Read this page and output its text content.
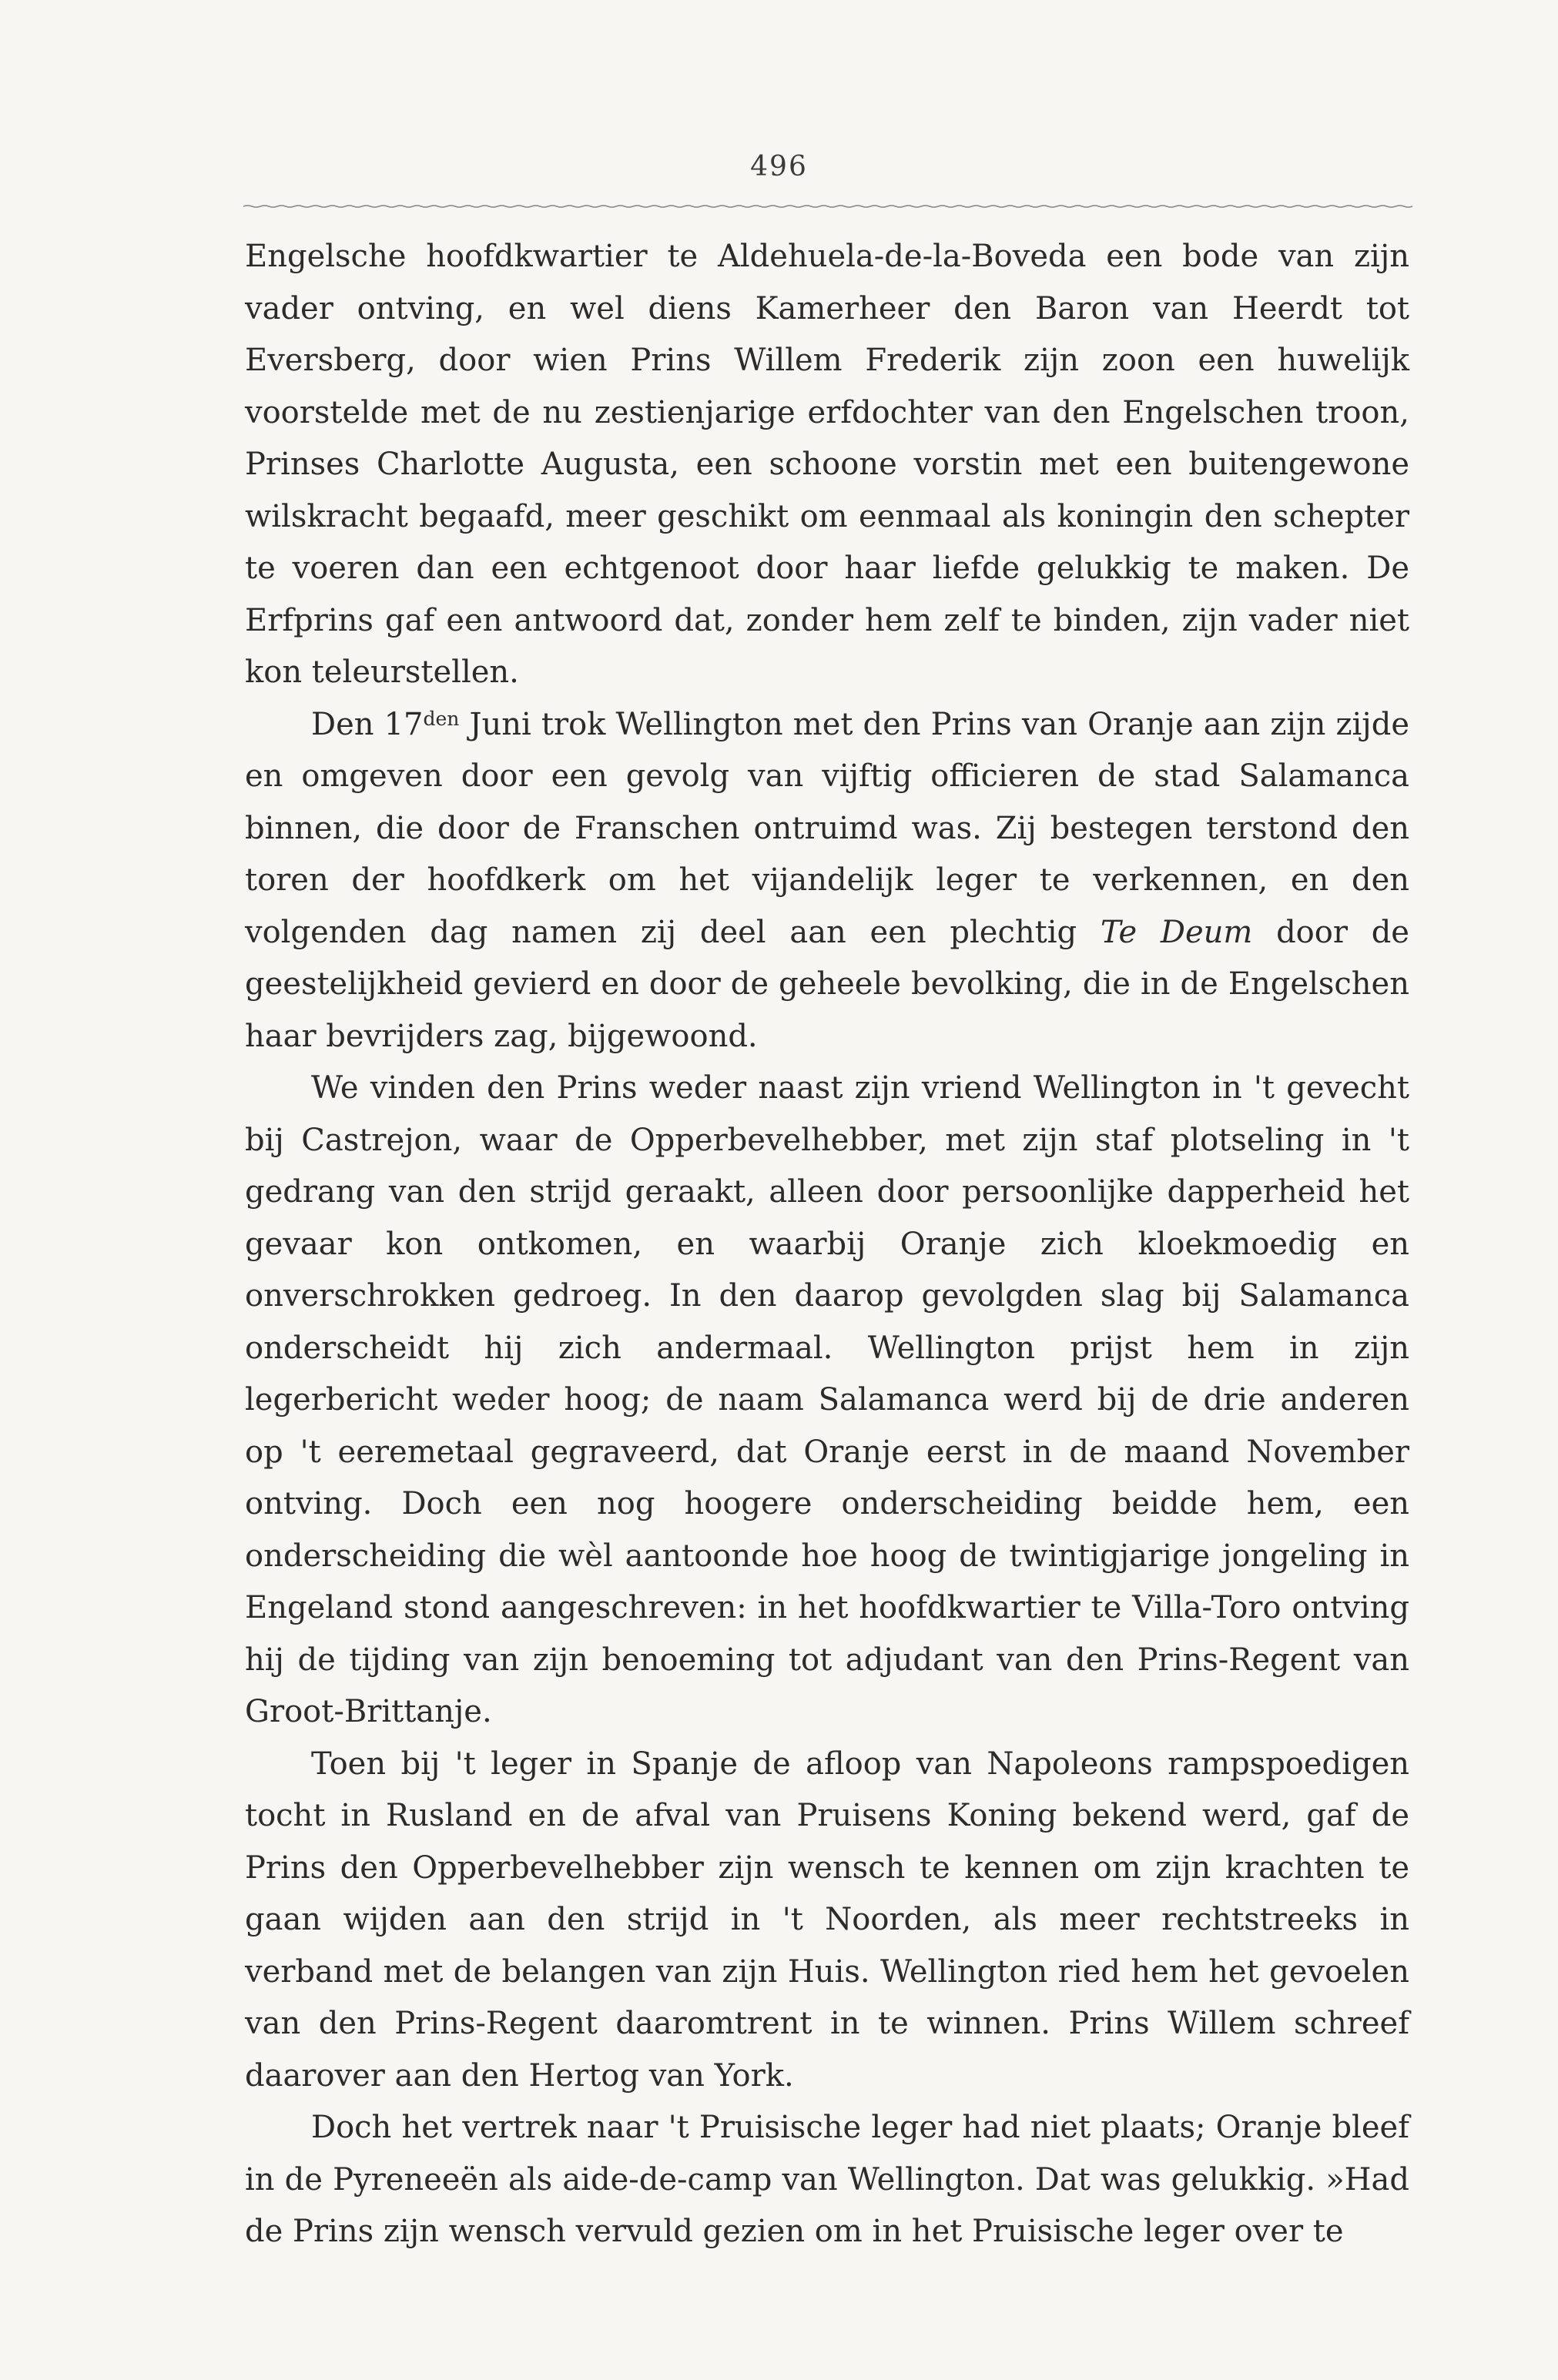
496

Engelsche hoofdkwartier te Aldehuela-de-la-Boveda een bode van zijn vader ontving, en wel diens Kamerheer den Baron van Heerdt tot Eversberg, door wien Prins Willem Frederik zijn zoon een huwelijk voorstelde met de nu zestienjarige erfdochter van den Engelschen troon, Prinses Charlotte Augusta, een schoone vorstin met een buitengewone wilskracht begaafd, meer geschikt om eenmaal als koningin den schepter te voeren dan een echtgenoot door haar liefde gelukkig te maken. De Erfprins gaf een antwoord dat, zonder hem zelf te binden, zijn vader niet kon teleurstellen.

Den $17^{den}$ Juni trok Wellington met den Prins van Oranje aan zijn zijde en omgeven door een gevolg van vijftig officieren de stad Salamanca binnen, die door de Franschen ontruimd was. Zij bestegen terstond den toren der hoofdkerk om het vijandelijk leger te verkennen, en den volgenden dag namen zij deel aan een plechtig Te Deum door de geestelijkheid gevierd en door de geheele bevolking, die in de Engelschen haar bevrijders zag, bijgewoond.

We vinden den Prins weder naast zijn vriend Wellington in 't gevecht bij Castrejon, waar de Opperbevelhebber, met zijn staf plotseling in 't gedrang van den strijd geraakt, alleen door persoonlijke dapperheid het gevaar kon ontkomen, en waarbij Oranje zich kloekmoedig en onverschrokken gedroeg. In den daarop gevolgden slag bij Salamanca onderscheidt hij zich andermaal. Wellington prijst hem in zijn legerbericht weder hoog; de naam Salamanca werd bij de drie anderen op 't eeremetaal gegraveerd, dat Oranje eerst in de maand November ontving. Doch een nog hoogere onderscheiding beidde hem, een onderscheiding die wèl aantoonde hoe hoog de twintigjarige jongeling in Engeland stond aangeschreven: in het hoofdkwartier te Villa-Toro ontving hij de tijding van zijn benoeming tot adjudant van den Prins-Regent van Groot-Brittanje.

Toen bij 't leger in Spanje de afloop van Napoleons rampspoedigen tocht in Rusland en de afval van Pruisens Koning bekend werd, gaf de Prins den Opperbevelhebber zijn wensch te kennen om zijn krachten te gaan wijden aan den strijd in 't Noorden, als meer rechtstreeks in verband met de belangen van zijn Huis. Wellington ried hem het gevoelen van den Prins-Regent daaromtrent in te winnen. Prins Willem schreef daarover aan den Hertog van York.

Doch het vertrek naar 't Pruisische leger had niet plaats; Oranje bleef in de Pyreneeën als aide-de-camp van Wellington. Dat was gelukkig. »Had de Prins zijn wensch vervuld gezien om in het Pruisische leger over te
